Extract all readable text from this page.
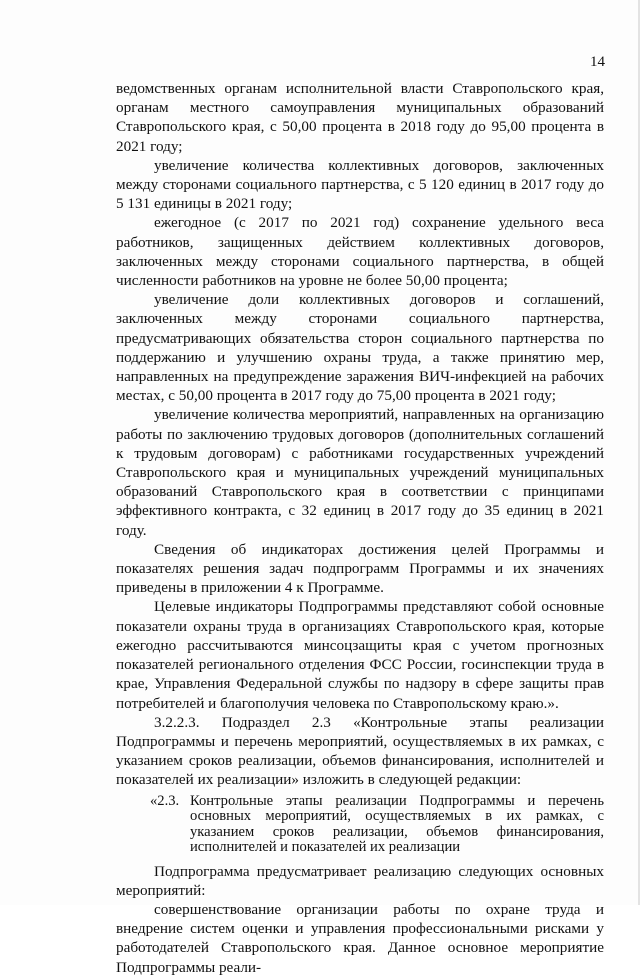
14

ведомственных органам исполнительной власти Ставропольского края, органам местного самоуправления муниципальных образований Ставропольского края, с 50,00 процента в 2018 году до 95,00 процента в 2021 году;

увеличение количества коллективных договоров, заключенных между сторонами социального партнерства, с 5 120 единиц в 2017 году до 5 131 единицы в 2021 году;

ежегодное (с 2017 по 2021 год) сохранение удельного веса работников, защищенных действием коллективных договоров, заключенных между сторонами социального партнерства, в общей численности работников на уровне не более 50,00 процента;

увеличение доли коллективных договоров и соглашений, заключенных между сторонами социального партнерства, предусматривающих обязательства сторон социального партнерства по поддержанию и улучшению охраны труда, а также принятию мер, направленных на предупреждение заражения ВИЧ-инфекцией на рабочих местах, с 50,00 процента в 2017 году до 75,00 процента в 2021 году;

увеличение количества мероприятий, направленных на организацию работы по заключению трудовых договоров (дополнительных соглашений к трудовым договорам) с работниками государственных учреждений Ставропольского края и муниципальных учреждений муниципальных образований Ставропольского края в соответствии с принципами эффективного контракта, с 32 единиц в 2017 году до 35 единиц в 2021 году.

Сведения об индикаторах достижения целей Программы и показателях решения задач подпрограмм Программы и их значениях приведены в приложении 4 к Программе.

Целевые индикаторы Подпрограммы представляют собой основные показатели охраны труда в организациях Ставропольского края, которые ежегодно рассчитываются минсоцзащиты края с учетом прогнозных показателей регионального отделения ФСС России, госинспекции труда в крае, Управления Федеральной службы по надзору в сфере защиты прав потребителей и благополучия человека по Ставропольскому краю.».

3.2.2.3. Подраздел 2.3 «Контрольные этапы реализации Подпрограммы и перечень мероприятий, осуществляемых в их рамках, с указанием сроков реализации, объемов финансирования, исполнителей и показателей их реализации» изложить в следующей редакции:

«2.3. Контрольные этапы реализации Подпрограммы и перечень основных мероприятий, осуществляемых в их рамках, с указанием сроков реализации, объемов финансирования, исполнителей и показателей их реализации

Подпрограмма предусматривает реализацию следующих основных мероприятий:

совершенствование организации работы по охране труда и внедрение систем оценки и управления профессиональными рисками у работодателей Ставропольского края. Данное основное мероприятие Подпрограммы реали-
